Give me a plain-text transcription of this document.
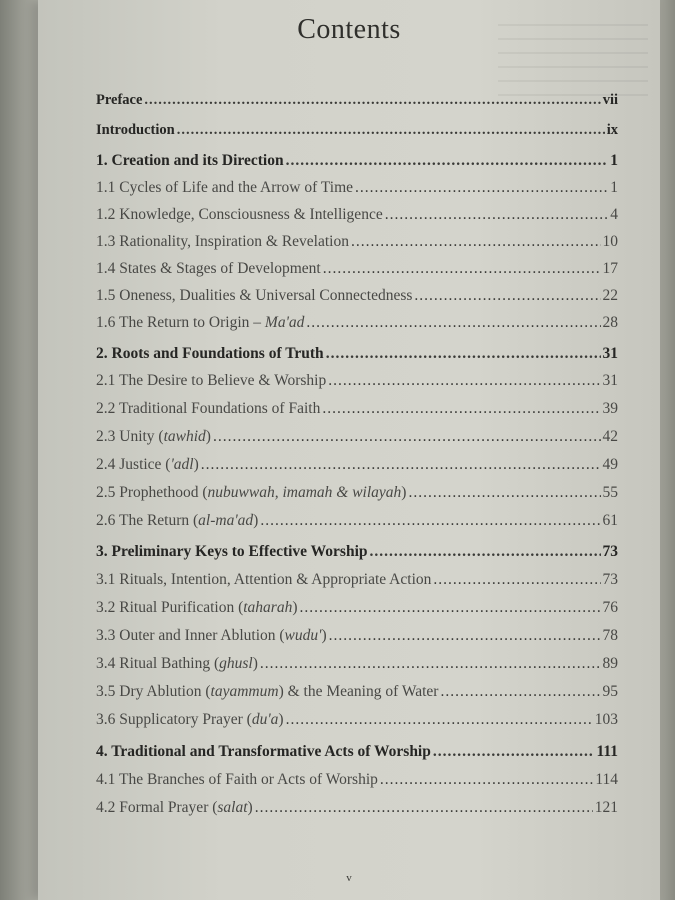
Contents
Preface .....	vii
Introduction .....	ix
1. Creation and its Direction .....	1
1.1 Cycles of Life and the Arrow of Time .....	1
1.2 Knowledge, Consciousness & Intelligence .....	4
1.3 Rationality, Inspiration & Revelation .....	10
1.4 States & Stages of Development .....	17
1.5 Oneness, Dualities & Universal Connectedness .....	22
1.6 The Return to Origin – Ma'ad .....	28
2. Roots and Foundations of Truth .....	31
2.1 The Desire to Believe & Worship .....	31
2.2 Traditional Foundations of Faith .....	39
2.3 Unity (tawhid) .....	42
2.4 Justice ('adl) .....	49
2.5 Prophethood (nubuwwah, imamah & wilayah) .....	55
2.6 The Return (al-ma'ad) .....	61
3. Preliminary Keys to Effective Worship .....	73
3.1 Rituals, Intention, Attention & Appropriate Action .....	73
3.2 Ritual Purification (taharah) .....	76
3.3 Outer and Inner Ablution (wudu') .....	78
3.4 Ritual Bathing (ghusl) .....	89
3.5 Dry Ablution (tayammum) & the Meaning of Water .....	95
3.6 Supplicatory Prayer (du'a) .....	103
4. Traditional and Transformative Acts of Worship .....	111
4.1 The Branches of Faith or Acts of Worship .....	114
4.2 Formal Prayer (salat) .....	121
v
